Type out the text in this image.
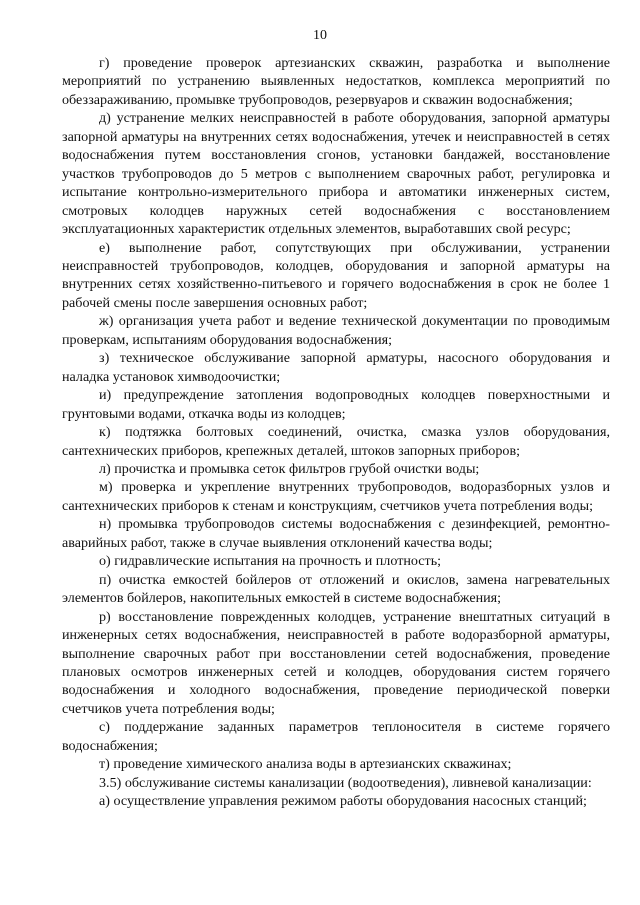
10

г) проведение проверок артезианских скважин, разработка и выполнение мероприятий по устранению выявленных недостатков, комплекса мероприятий по обеззараживанию, промывке трубопроводов, резервуаров и скважин водоснабжения;

д) устранение мелких неисправностей в работе оборудования, запорной арматуры запорной арматуры на внутренних сетях водоснабжения, утечек и неисправностей в сетях водоснабжения путем восстановления сгонов, установки бандажей, восстановление участков трубопроводов до 5 метров с выполнением сварочных работ, регулировка и испытание контрольно-измерительного прибора и автоматики инженерных систем, смотровых колодцев наружных сетей водоснабжения с восстановлением эксплуатационных характеристик отдельных элементов, выработавших свой ресурс;

е) выполнение работ, сопутствующих при обслуживании, устранении неисправностей трубопроводов, колодцев, оборудования и запорной арматуры на внутренних сетях хозяйственно-питьевого и горячего водоснабжения в срок не более 1 рабочей смены после завершения основных работ;

ж) организация учета работ и ведение технической документации по проводимым проверкам, испытаниям оборудования водоснабжения;

з) техническое обслуживание запорной арматуры, насосного оборудования и наладка установок химводоочистки;

и) предупреждение затопления водопроводных колодцев поверхностными и грунтовыми водами, откачка воды из колодцев;

к) подтяжка болтовых соединений, очистка, смазка узлов оборудования, сантехнических приборов, крепежных деталей, штоков запорных приборов;

л) прочистка и промывка сеток фильтров грубой очистки воды;

м) проверка и укрепление внутренних трубопроводов, водоразборных узлов и сантехнических приборов к стенам и конструкциям, счетчиков учета потребления воды;

н) промывка трубопроводов системы водоснабжения с дезинфекцией, ремонтно-аварийных работ, также в случае выявления отклонений качества воды;

о) гидравлические испытания на прочность и плотность;

п) очистка емкостей бойлеров от отложений и окислов, замена нагревательных элементов бойлеров, накопительных емкостей в системе водоснабжения;

р) восстановление поврежденных колодцев, устранение внештатных ситуаций в инженерных сетях водоснабжения, неисправностей в работе водоразборной арматуры, выполнение сварочных работ при восстановлении сетей водоснабжения, проведение плановых осмотров инженерных сетей и колодцев, оборудования систем горячего водоснабжения и холодного водоснабжения, проведение периодической поверки счетчиков учета потребления воды;

с) поддержание заданных параметров теплоносителя в системе горячего водоснабжения;

т) проведение химического анализа воды в артезианских скважинах;

3.5) обслуживание системы канализации (водоотведения), ливневой канализации:

а) осуществление управления режимом работы оборудования насосных станций;
